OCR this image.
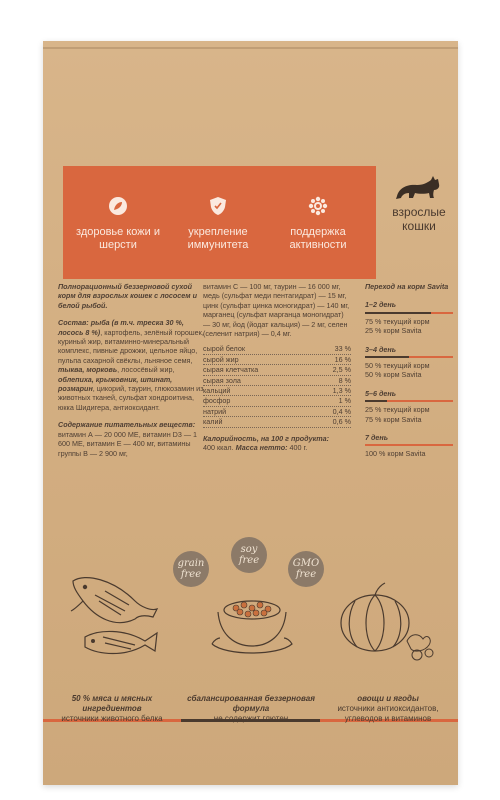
здоровье кожи и шерсти
укрепление иммунитета
поддержка активности
взрослые кошки
Полнорационный беззерновой сухой корм для взрослых кошек с лососем и белой рыбой.
Состав: рыба (в т.ч. треска 30 %, лосось 8 %), картофель, зелёный горошек, куриный жир, витаминно-минеральный комплекс, пивные дрожжи, цельное яйцо, пульпа сахарной свёклы, льняное семя, тыква, морковь, лососёвый жир, облепиха, крыжовник, шпинат, розмарин, цикорий, таурин, глюкозамин из животных тканей, сульфат хондроитина, юкка Шидигера, антиоксидант.
Содержание питательных веществ:
витамин А — 20 000 МЕ, витамин D3 — 1 600 МЕ, витамин Е — 400 мг, витамины группы В — 2 900 мг,
витамин С — 100 мг, таурин — 16 000 мг, медь (сульфат меди пентагидрат) — 15 мг, цинк (сульфат цинка моногидрат) — 140 мг, марганец (сульфат марганца моногидрат) — 30 мг, йод (йодат кальция) — 2 мг, селен (селенит натрия) — 0,4 мг.
сырой белок	33 %
сырой жир	16 %
сырая клетчатка	2,5 %
сырая зола	8 %
кальций	1,3 %
фосфор	1 %
натрий	0,4 %
калий	0,6 %
Калорийность, на 100 г продукта:
400 ккал. Масса нетто: 400 г.
Переход на корм Savita
1–2 день
75 % текущий корм
25 % корм Savita
3–4 день
50 % текущий корм
50 % корм Savita
5–6 день
25 % текущий корм
75 % корм Savita
7 день
100 % корм Savita
grain
free
soy
free	GMO
free
50 % мяса и мясных ингредиентов
источники животного белка
сбалансированная беззерновая формула
не содержит глютен
овощи и ягоды
источники антиоксидантов, углеводов и витаминов
